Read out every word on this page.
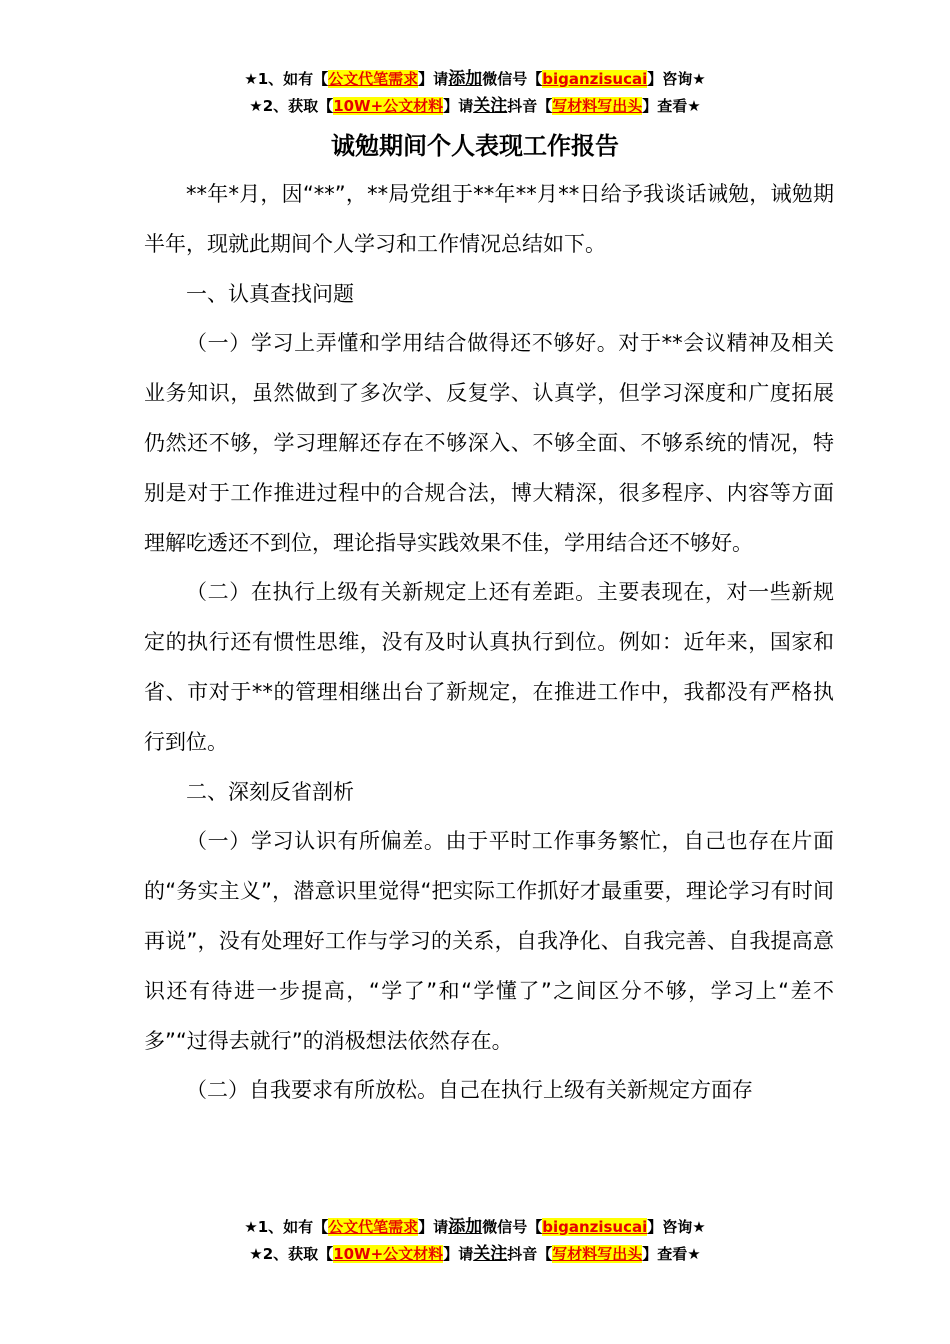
★1、如有【公文代笔需求】请添加微信号【biganzisucai】咨询★
★2、获取【10W+公文材料】请关注抖音【写材料写出头】查看★
诚勉期间个人表现工作报告

**年*月，因“**”，**局党组于**年**月**日给予我谈话诫勉，诫勉期半年，现就此期间个人学习和工作情况总结如下。

一、认真查找问题

（一）学习上弄懂和学用结合做得还不够好。对于**会议精神及相关业务知识，虽然做到了多次学、反复学、认真学，但学习深度和广度拓展仍然还不够，学习理解还存在不够深入、不够全面、不够系统的情况，特别是对于工作推进过程中的合规合法，博大精深，很多程序、内容等方面理解吃透还不到位，理论指导实践效果不佳，学用结合还不够好。

（二）在执行上级有关新规定上还有差距。主要表现在，对一些新规定的执行还有惯性思维，没有及时认真执行到位。例如：近年来，国家和省、市对于**的管理相继出台了新规定，在推进工作中，我都没有严格执行到位。

二、深刻反省剖析

（一）学习认识有所偏差。由于平时工作事务繁忙，自己也存在片面的“务实主义”，潜意识里觉得“把实际工作抓好才最重要，理论学习有时间再说”，没有处理好工作与学习的关系，自我净化、自我完善、自我提高意识还有待进一步提高，“学了”和“学懂了”之间区分不够，学习上“差不多”“过得去就行”的消极想法依然存在。

（二）自我要求有所放松。自己在执行上级有关新规定方面存

★1、如有【公文代笔需求】请添加微信号【biganzisucai】咨询★
★2、获取【10W+公文材料】请关注抖音【写材料写出头】查看★
